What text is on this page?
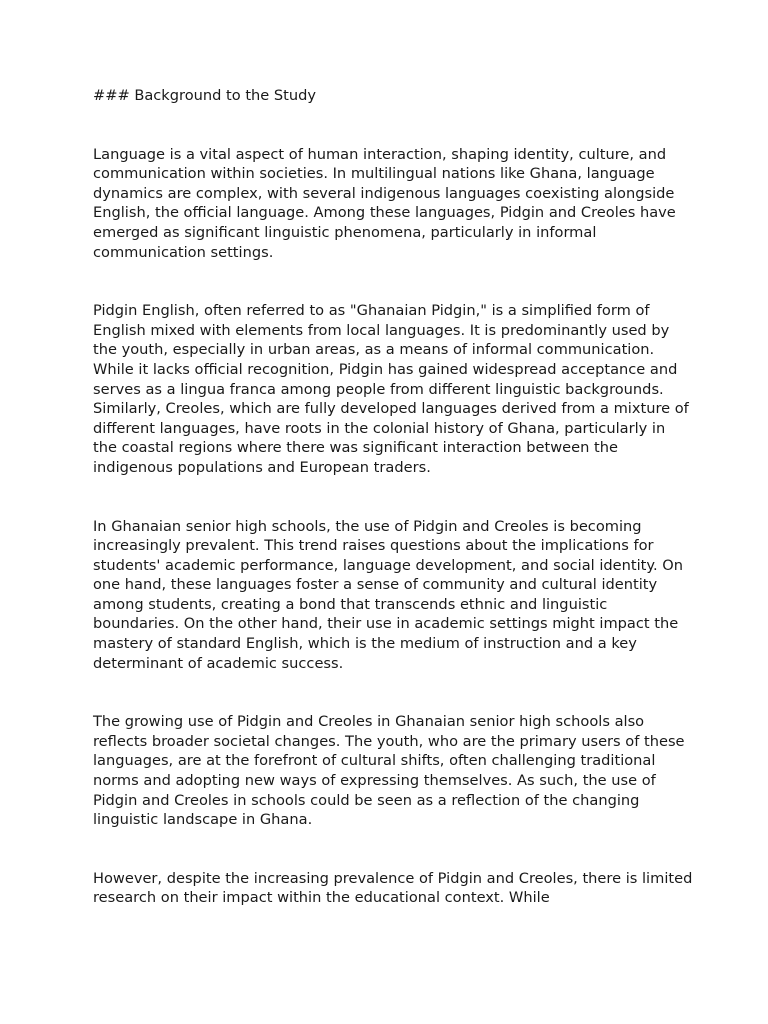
### Background to the Study

Language is a vital aspect of human interaction, shaping identity, culture, and communication within societies. In multilingual nations like Ghana, language dynamics are complex, with several indigenous languages coexisting alongside English, the official language. Among these languages, Pidgin and Creoles have emerged as significant linguistic phenomena, particularly in informal communication settings.

Pidgin English, often referred to as "Ghanaian Pidgin," is a simplified form of English mixed with elements from local languages. It is predominantly used by the youth, especially in urban areas, as a means of informal communication. While it lacks official recognition, Pidgin has gained widespread acceptance and serves as a lingua franca among people from different linguistic backgrounds. Similarly, Creoles, which are fully developed languages derived from a mixture of different languages, have roots in the colonial history of Ghana, particularly in the coastal regions where there was significant interaction between the indigenous populations and European traders.

In Ghanaian senior high schools, the use of Pidgin and Creoles is becoming increasingly prevalent. This trend raises questions about the implications for students' academic performance, language development, and social identity. On one hand, these languages foster a sense of community and cultural identity among students, creating a bond that transcends ethnic and linguistic boundaries. On the other hand, their use in academic settings might impact the mastery of standard English, which is the medium of instruction and a key determinant of academic success.

The growing use of Pidgin and Creoles in Ghanaian senior high schools also reflects broader societal changes. The youth, who are the primary users of these languages, are at the forefront of cultural shifts, often challenging traditional norms and adopting new ways of expressing themselves. As such, the use of Pidgin and Creoles in schools could be seen as a reflection of the changing linguistic landscape in Ghana.

However, despite the increasing prevalence of Pidgin and Creoles, there is limited research on their impact within the educational context. While
